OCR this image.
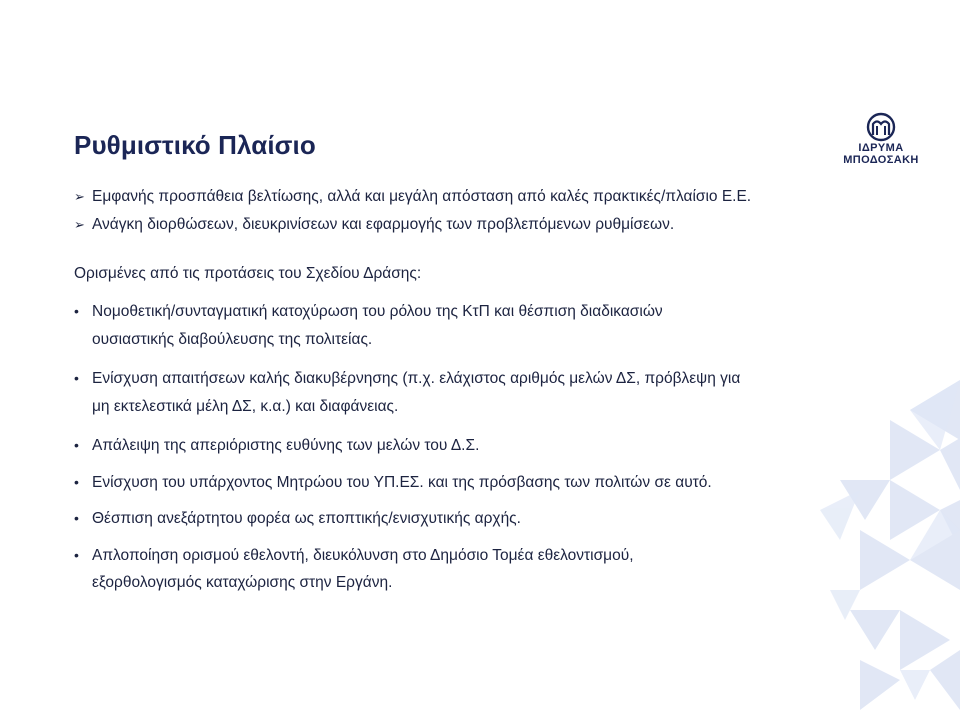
Ρυθμιστικό Πλαίσιο	ΙΔΡΥΜΑ
ΜΠΟΔΟΣΑΚΗ
➢ Εμφανής προσπάθεια βελτίωσης, αλλά και μεγάλη απόσταση από καλές πρακτικές/πλαίσιο Ε.Ε.
➢ Ανάγκη διορθώσεων, διευκρινίσεων και εφαρμογής των προβλεπόμενων ρυθμίσεων.
Ορισμένες από τις προτάσεις του Σχεδίου Δράσης:
• Νομοθετική/συνταγματική κατοχύρωση του ρόλου της ΚτΠ και θέσπιση διαδικασιών
ουσιαστικής διαβούλευσης της πολιτείας.
• Ενίσχυση απαιτήσεων καλής διακυβέρνησης (π.χ. ελάχιστος αριθμός μελών ΔΣ, πρόβλεψη για
μη εκτελεστικά μέλη ΔΣ, κ.α.) και διαφάνειας.
• Απάλειψη της απεριόριστης ευθύνης των μελών του Δ.Σ.
• Ενίσχυση του υπάρχοντος Μητρώου του ΥΠ.ΕΣ. και της πρόσβασης των πολιτών σε αυτό.
• Θέσπιση ανεξάρτητου φορέα ως εποπτικής/ενισχυτικής αρχής.
• Απλοποίηση ορισμού εθελοντή, διευκόλυνση στο Δημόσιο Τομέα εθελοντισμού,
εξορθολογισμός καταχώρισης στην Εργάνη.
